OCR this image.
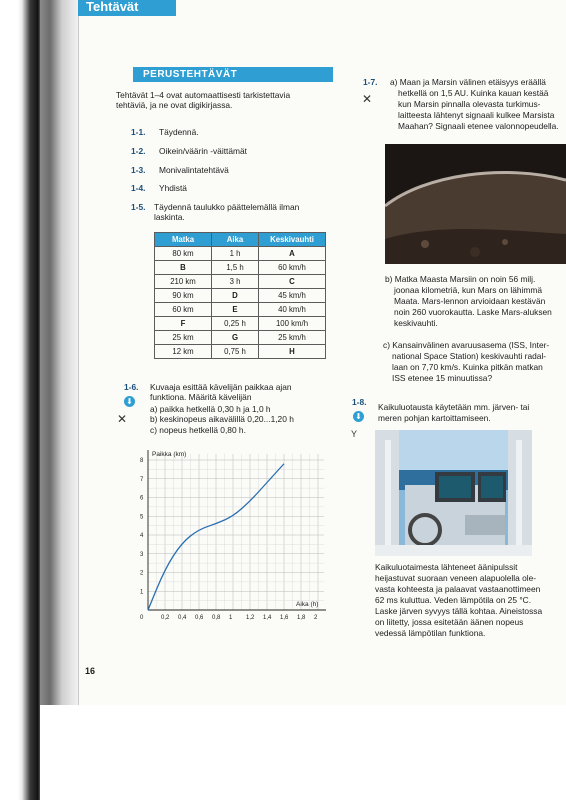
Tehtävät
PERUSTEHTÄVÄT
Tehtävät 1–4 ovat automaattisesti tarkistettavia
tehtäviä, ja ne ovat digikirjassa.
1-1. Täydennä.
1-2. Oikein/väärin -väittämät
1-3. Monivalintatehtävä
1-4. Yhdistä
1-5. Täydennä taulukko päättelemällä ilman
laskinta.
Matka	Aika	Keskivauhti
80 km	1 h	A
B	1,5 h	60 km/h
210 km	3 h	C
90 km	D	45 km/h
60 km	E	40 km/h
F	0,25 h	100 km/h
25 km	G	25 km/h
12 km	0,75 h	H
1-6.
⬇
✕
Kuvaaja esittää kävelijän paikkaa ajan
funktiona. Määritä kävelijän
a) paikka hetkellä 0,30 h ja 1,0 h
b) keskinopeus aikavälillä 0,20...1,20 h
c) nopeus hetkellä 0,80 h.
Paikka (km)
Aika (h)
0	0,2 0,4 0,6 0,8 1 1,2 1,4 1,6 1,8 2
1
2
3
4
5
6
7
8
1-7.
✕
a) Maan ja Marsin välinen etäisyys eräällä
hetkellä on 1,5 AU. Kuinka kauan kestää
kun Marsin pinnalla olevasta turkimus-
laitteesta lähtenyt signaali kulkee Marsista
Maahan? Signaali etenee valonnopeudella.
b) Matka Maasta Marsiin on noin 56 milj.
joonaa kilometriä, kun Mars on lähimmä
Maata. Mars-lennon arvioidaan kestävän
noin 260 vuorokautta. Laske Mars-aluksen
keskivauhti.
c) Kansainvälinen avaruusasema (ISS, Inter-
national Space Station) keskivauhti radal-
laan on 7,70 km/s. Kuinka pitkän matkan
ISS etenee 15 minuutissa?
1-8.
⬇
Y
Kaikuluotausta käytetään mm. järven- tai
meren pohjan kartoittamiseen.
Kaikuluotaimesta lähteneet äänipulssit
heijastuvat suoraan veneen alapuolella ole-
vasta kohteesta ja palaavat vastaanottimeen
62 ms kuluttua. Veden lämpötila on 25 °C.
Laske järven syvyys tällä kohtaa. Aineistossa
on liitetty, jossa esitetään äänen nopeus
vedessä lämpötilan funktiona.
16
